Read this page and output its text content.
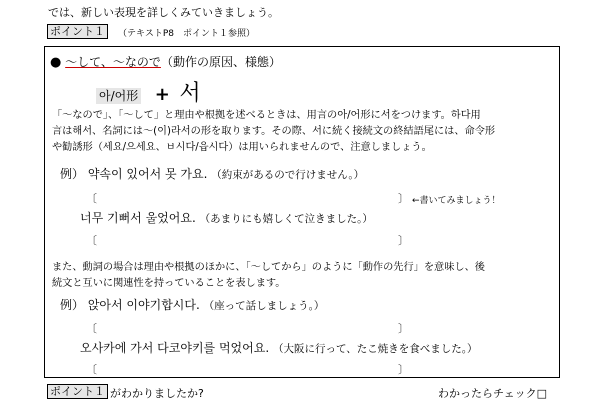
では、新しい表現を詳しくみていきましょう。
ポイント１	（テキストP8　ポイント１参照）
● ～して、～なので（動作の原因、様態）
아/어形 + 서
「～なので」、「～して」と理由や根拠を述べるときは、用言の아/어形に서をつけます。하다用
言は해서、名詞には～(이)라서の形を取ります。その際、서に続く接続文の終結語尾には、命令形
や勧誘形（세요/으세요、ㅂ시다/읍시다）は用いられませんので、注意しましょう。
例） 약속이 있어서 못 가요. （約束があるので行けません。）
〔	〕 ←書いてみましょう！
너무 기뻐서 울었어요. （あまりにも嬉しくて泣きました。）
〔	〕
また、動詞の場合は理由や根拠のほかに、「～してから」のように「動作の先行」を意味し、後
続文と互いに関連性を持っていることを表します。
例） 앉아서 이야기합시다. （座って話しましょう。）
〔	〕
오사카에 가서 다코야키를 먹었어요. （大阪に行って、たこ焼きを食べました。）
〔	〕
ポイント１ がわかりましたか?	わかったらチェック□
